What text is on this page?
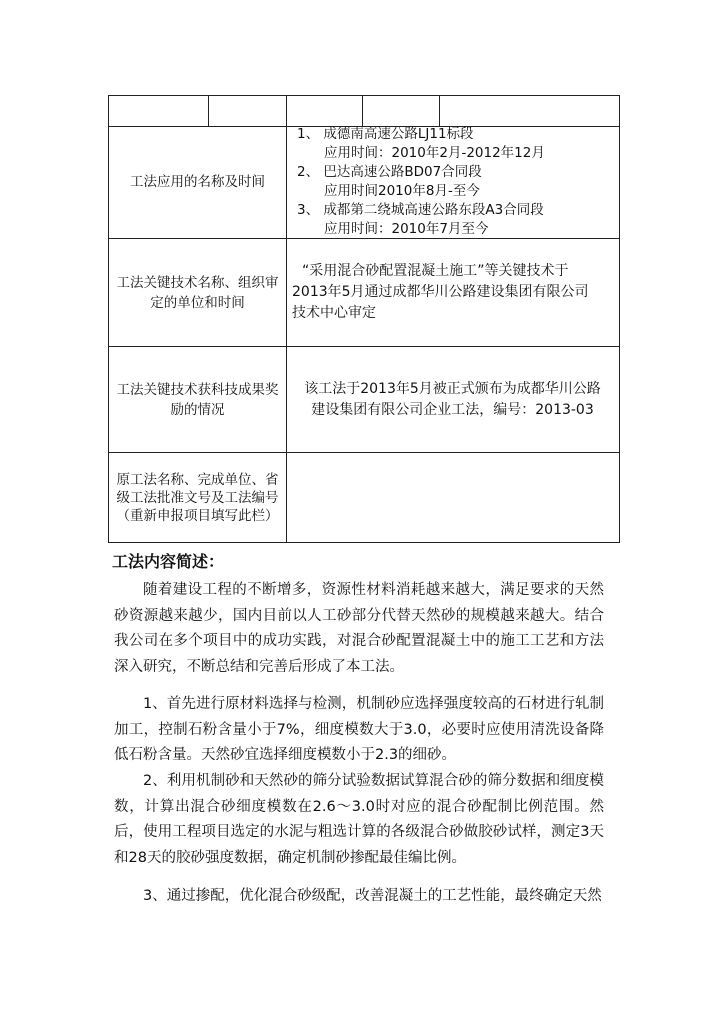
工法应用的名称及时间
1、 成德南高速公路LJ11标段
应用时间：2010年2月-2012年12月
2、 巴达高速公路BD07合同段
应用时间2010年8月-至今
3、 成都第二绕城高速公路东段A3合同段
应用时间：2010年7月至今
工法关键技术名称、组织审定的单位和时间
“采用混合砂配置混凝土施工”等关键技术于
2013年5月通过成都华川公路建设集团有限公司
技术中心审定
工法关键技术获科技成果奖励的情况
该工法于2013年5月被正式颁布为成都华川公路
建设集团有限公司企业工法，编号：2013-03
原工法名称、完成单位、省级工法批准文号及工法编号（重新申报项目填写此栏）
工法内容简述：
随着建设工程的不断增多，资源性材料消耗越来越大，满足要求的天然砂资源越来越少，国内目前以人工砂部分代替天然砂的规模越来越大。结合我公司在多个项目中的成功实践，对混合砂配置混凝土中的施工工艺和方法深入研究，不断总结和完善后形成了本工法。
1、首先进行原材料选择与检测，机制砂应选择强度较高的石材进行轧制加工，控制石粉含量小于7%，细度模数大于3.0，必要时应使用清洗设备降低石粉含量。天然砂宜选择细度模数小于2.3的细砂。
2、利用机制砂和天然砂的筛分试验数据试算混合砂的筛分数据和细度模数，计算出混合砂细度模数在2.6～3.0时对应的混合砂配制比例范围。然后，使用工程项目选定的水泥与粗选计算的各级混合砂做胶砂试样，测定3天和28天的胶砂强度数据，确定机制砂掺配最佳编比例。
3、通过掺配，优化混合砂级配，改善混凝土的工艺性能，最终确定天然
